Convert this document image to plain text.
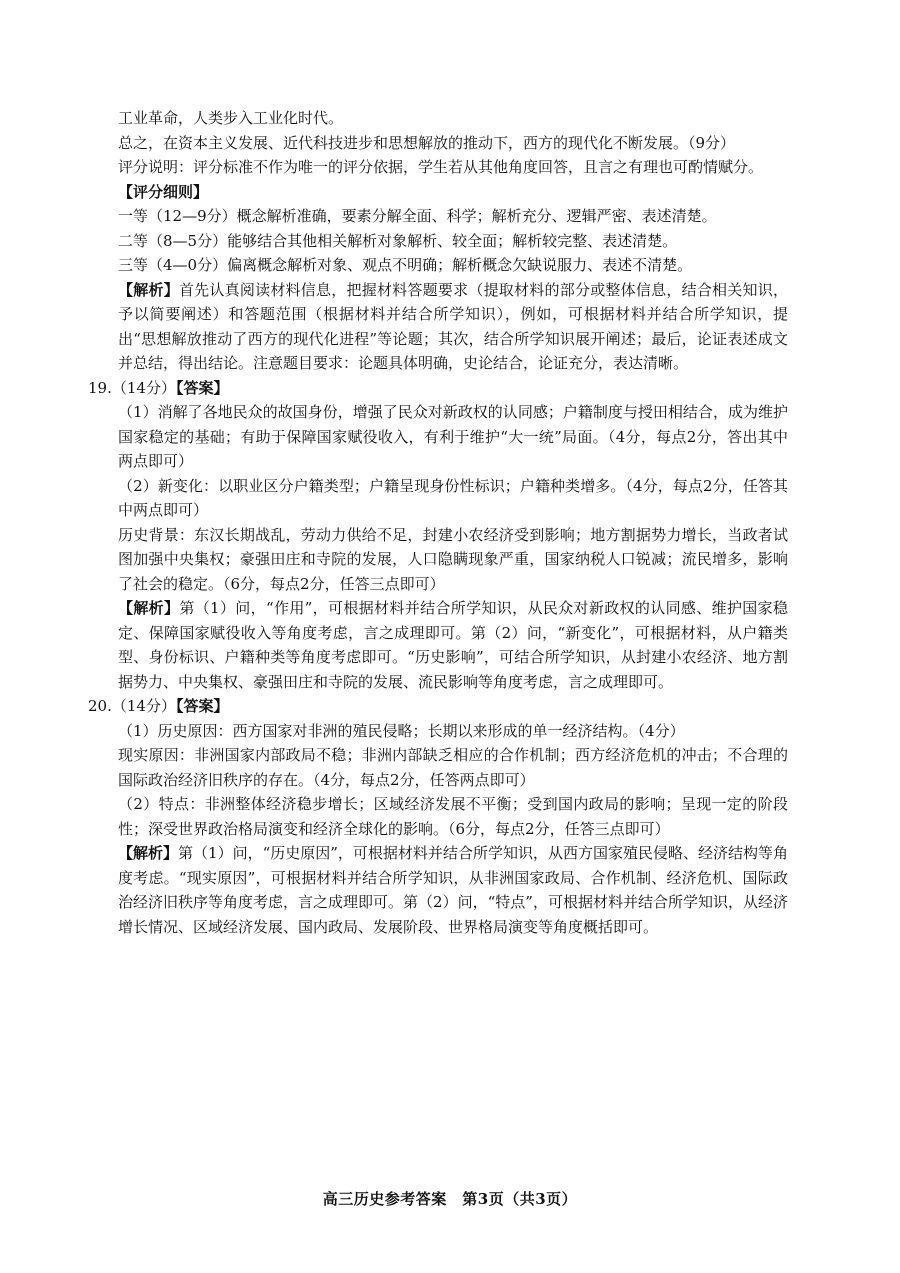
工业革命，人类步入工业化时代。

总之，在资本主义发展、近代科技进步和思想解放的推动下，西方的现代化不断发展。（9分）

评分说明：评分标准不作为唯一的评分依据，学生若从其他角度回答，且言之有理也可酌情赋分。

【评分细则】

一等（12—9分）概念解析准确，要素分解全面、科学；解析充分、逻辑严密、表述清楚。

二等（8—5分）能够结合其他相关解析对象解析、较全面；解析较完整、表述清楚。

三等（4—0分）偏离概念解析对象、观点不明确；解析概念欠缺说服力、表述不清楚。

【解析】首先认真阅读材料信息，把握材料答题要求（提取材料的部分或整体信息，结合相关知识，予以简要阐述）和答题范围（根据材料并结合所学知识），例如，可根据材料并结合所学知识，提出“思想解放推动了西方的现代化进程”等论题；其次，结合所学知识展开阐述；最后，论证表述成文并总结，得出结论。注意题目要求：论题具体明确，史论结合，论证充分，表达清晰。

19.（14分）【答案】

（1）消解了各地民众的故国身份，增强了民众对新政权的认同感；户籍制度与授田相结合，成为维护国家稳定的基础；有助于保障国家赋役收入，有利于维护“大一统”局面。（4分，每点2分，答出其中两点即可）

（2）新变化：以职业区分户籍类型；户籍呈现身份性标识；户籍种类增多。（4分，每点2分，任答其中两点即可）

历史背景：东汉长期战乱，劳动力供给不足，封建小农经济受到影响；地方割据势力增长，当政者试图加强中央集权；豪强田庄和寺院的发展，人口隐瞒现象严重，国家纳税人口锐减；流民增多，影响了社会的稳定。（6分，每点2分，任答三点即可）

【解析】第（1）问，“作用”，可根据材料并结合所学知识，从民众对新政权的认同感、维护国家稳定、保障国家赋役收入等角度考虑，言之成理即可。第（2）问，“新变化”，可根据材料，从户籍类型、身份标识、户籍种类等角度考虑即可。“历史影响”，可结合所学知识，从封建小农经济、地方割据势力、中央集权、豪强田庄和寺院的发展、流民影响等角度考虑，言之成理即可。

20.（14分）【答案】

（1）历史原因：西方国家对非洲的殖民侵略；长期以来形成的单一经济结构。（4分）

现实原因：非洲国家内部政局不稳；非洲内部缺乏相应的合作机制；西方经济危机的冲击；不合理的国际政治经济旧秩序的存在。（4分，每点2分，任答两点即可）

（2）特点：非洲整体经济稳步增长；区域经济发展不平衡；受到国内政局的影响；呈现一定的阶段性；深受世界政治格局演变和经济全球化的影响。（6分，每点2分，任答三点即可）

【解析】第（1）问，“历史原因”，可根据材料并结合所学知识，从西方国家殖民侵略、经济结构等角度考虑。“现实原因”，可根据材料并结合所学知识，从非洲国家政局、合作机制、经济危机、国际政治经济旧秩序等角度考虑，言之成理即可。第（2）问，“特点”，可根据材料并结合所学知识，从经济增长情况、区域经济发展、国内政局、发展阶段、世界格局演变等角度概括即可。

高三历史参考答案　第3页（共3页）
